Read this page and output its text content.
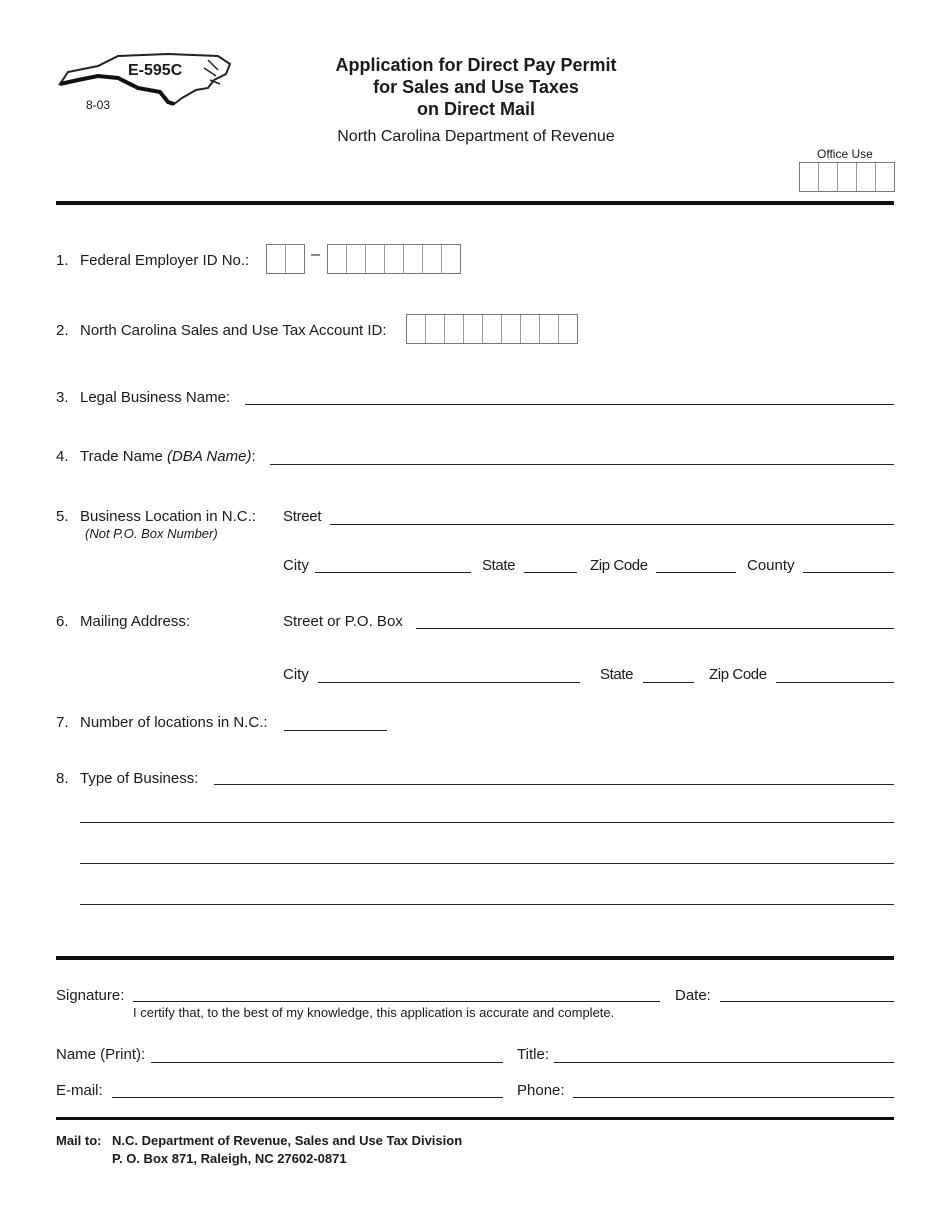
E-595C
8-03
Application for Direct Pay Permit
for Sales and Use Taxes
on Direct Mail
North Carolina Department of Revenue
Office Use
1. Federal Employer ID No.:	–
2. North Carolina Sales and Use Tax Account ID:
3. Legal Business Name:
4. Trade Name (DBA Name):
5. Business Location in N.C.:
(Not P.O. Box Number)
Street
City	State	Zip Code	County
6. Mailing Address:	Street or P.O. Box
City	State	Zip Code
7. Number of locations in N.C.:
8. Type of Business:
Signature:	Date:
I certify that, to the best of my knowledge, this application is accurate and complete.
Name (Print):	Title:
E-mail:	Phone:
Mail to: N.C. Department of Revenue, Sales and Use Tax Division
P. O. Box 871, Raleigh, NC 27602-0871
